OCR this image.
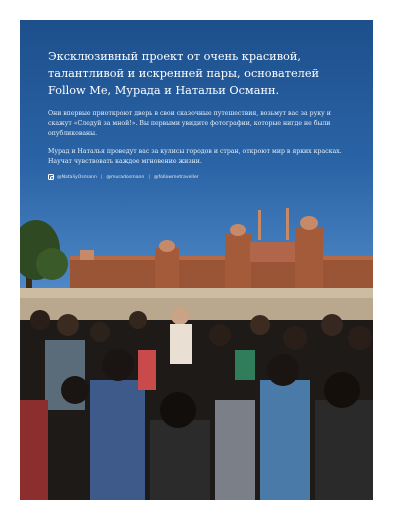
Эксклюзивный проект от очень красивой, талантливой и искренней пары, основателей Follow Me, Мурада и Натальи Османн.

Они впервые приоткроют дверь в свои сказочные путешествия, возьмут вас за руку и скажут «Следуй за мной!». Вы первыми увидите фотографии, которые нигде не были опубликованы.

Мурад и Наталья проведут вас за кулисы городов и стран, откроют мир в ярких красках. Научат чувствовать каждое мгновение жизни.

@NataliyOsmann | @muradosmann | @followmetraveller
